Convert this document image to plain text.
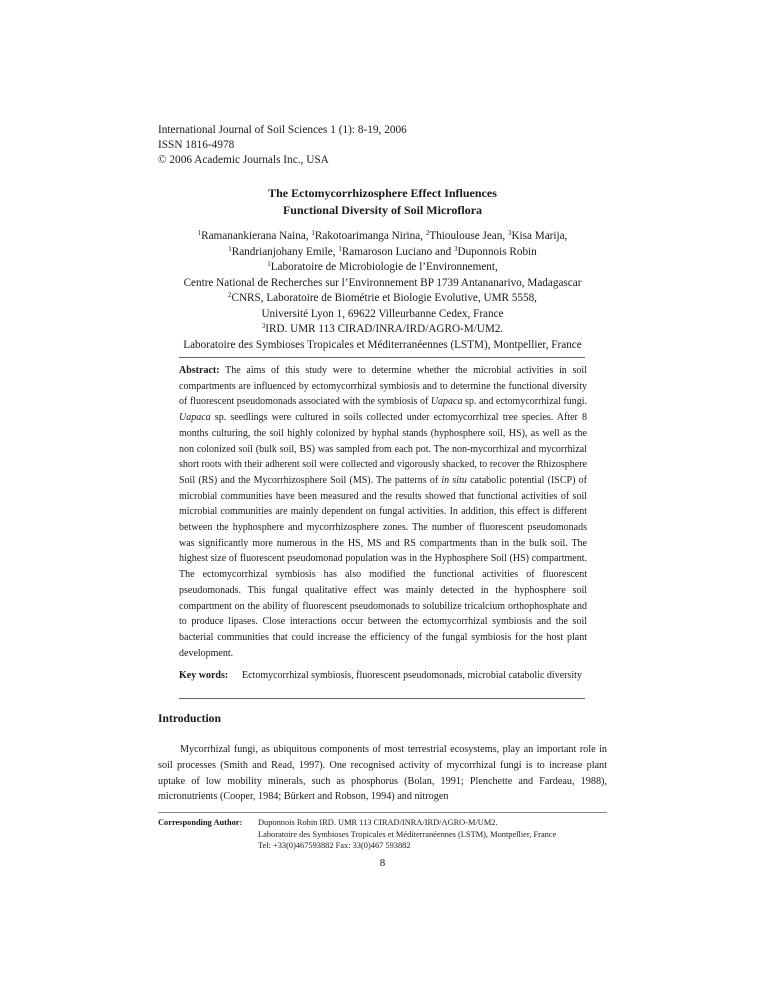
International Journal of Soil Sciences 1 (1): 8-19, 2006
ISSN 1816-4978
© 2006 Academic Journals Inc., USA
The Ectomycorrhizosphere Effect Influences
Functional Diversity of Soil Microflora
$^1$Ramanankierana Naina, $^1$Rakotoarimanga Nirina, $^2$Thioulouse Jean, $^3$Kisa Marija,
$^1$Randrianjohany Emile, $^1$Ramaroson Luciano and $^3$Duponnois Robin
$^1$Laboratoire de Microbiologie de l’Environnement,
Centre National de Recherches sur l’Environnement BP 1739 Antananarivo, Madagascar
$^2$CNRS, Laboratoire de Biométrie et Biologie Evolutive, UMR 5558,
Université Lyon 1, 69622 Villeurbanne Cedex, France
$^3$IRD. UMR 113 CIRAD/INRA/IRD/AGRO-M/UM2.
Laboratoire des Symbioses Tropicales et Méditerranéennes (LSTM), Montpellier, France
Abstract: The aims of this study were to determine whether the microbial activities in soil compartments are influenced by ectomycorrhizal symbiosis and to determine the functional diversity of fluorescent pseudomonads associated with the symbiosis of Uapaca sp. and ectomycorrhizal fungi. Uapaca sp. seedlings were cultured in soils collected under ectomycorrhizal tree species. After 8 months culturing, the soil highly colonized by hyphal stands (hyphosphere soil, HS), as well as the non colonized soil (bulk soil, BS) was sampled from each pot. The non-mycorrhizal and mycorrhizal short roots with their adherent soil were collected and vigorously shacked, to recover the Rhizosphere Soil (RS) and the Mycorrhizosphere Soil (MS). The patterns of in situ catabolic potential (ISCP) of microbial communities have been measured and the results showed that functional activities of soil microbial communities are mainly dependent on fungal activities. In addition, this effect is different between the hyphosphere and mycorrhizosphere zones. The number of fluorescent pseudomonads was significantly more numerous in the HS, MS and RS compartments than in the bulk soil. The highest size of fluorescent pseudomonad population was in the Hyphosphere Soil (HS) compartment. The ectomycorrhizal symbiosis has also modified the functional activities of fluorescent pseudomonads. This fungal qualitative effect was mainly detected in the hyphosphere soil compartment on the ability of fluorescent pseudomonads to solubilize tricalcium orthophosphate and to produce lipases. Close interactions occur between the ectomycorrhizal symbiosis and the soil bacterial communities that could increase the efficiency of the fungal symbiosis for the host plant development.
Key words: Ectomycorrhizal symbiosis, fluorescent pseudomonads, microbial catabolic diversity
Introduction

Mycorrhizal fungi, as ubiquitous components of most terrestrial ecosystems, play an important role in soil processes (Smith and Read, 1997). One recognised activity of mycorrhizal fungi is to increase plant uptake of low mobility minerals, such as phosphorus (Bolan, 1991; Plenchette and Fardeau, 1988), micronutrients (Cooper, 1984; Bürkert and Robson, 1994) and nitrogen

Corresponding Author: Duponnois Robin IRD. UMR 113 CIRAD/INRA/IRD/AGRO-M/UM2.
Laboratoire des Symbioses Tropicales et Méditerranéennes (LSTM), Montpellier, France
Tel: +33(0)467593882 Fax: 33(0)467 593882
8
